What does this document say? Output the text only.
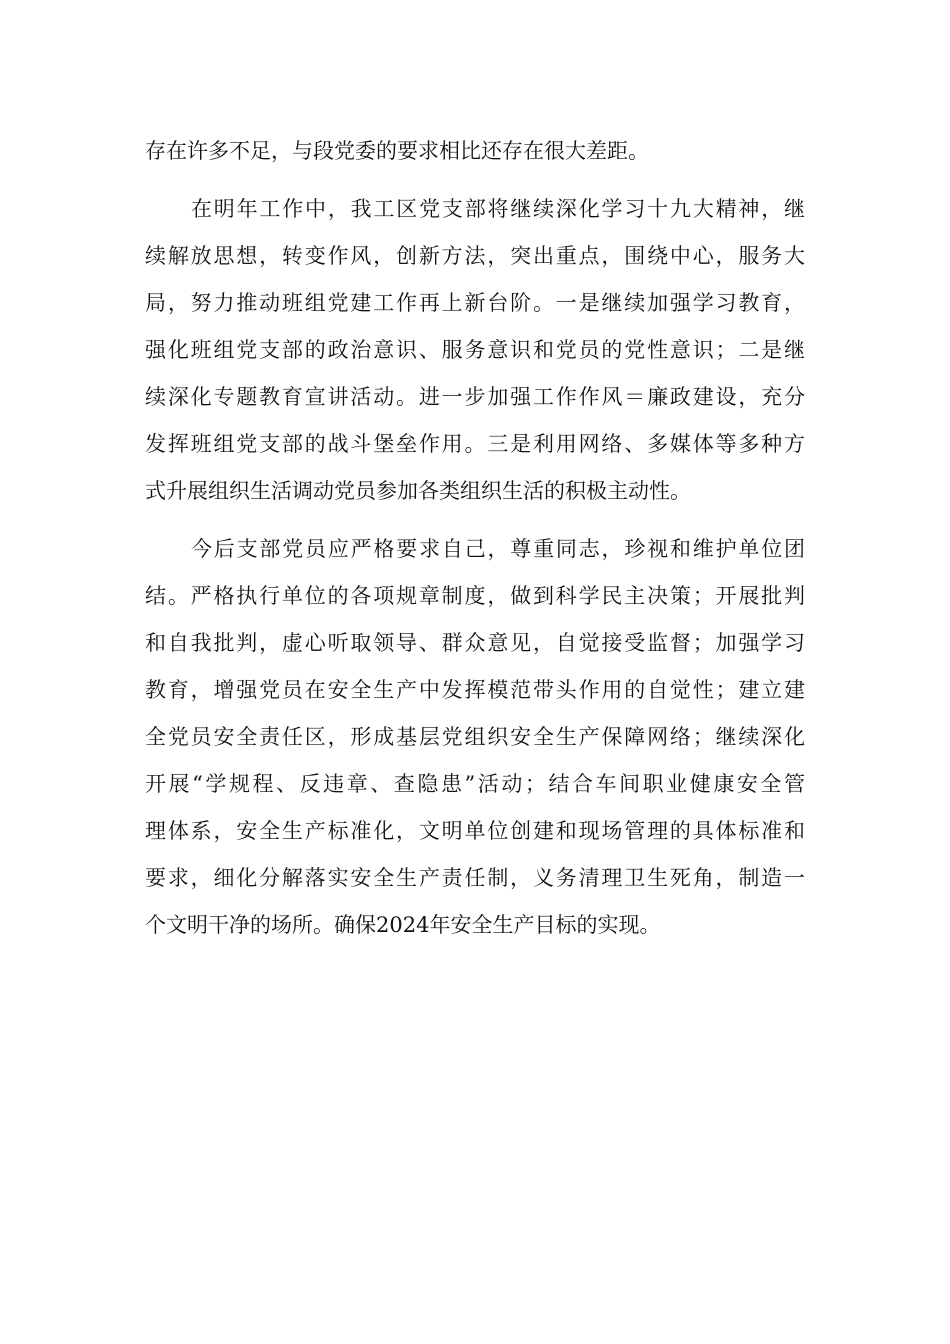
存在许多不足，与段党委的要求相比还存在很大差距。
在明年工作中，我工区党支部将继续深化学习十九大精神，继
续解放思想，转变作风，创新方法，突出重点，围绕中心，服务大
局，努力推动班组党建工作再上新台阶。一是继续加强学习教育，
强化班组党支部的政治意识、服务意识和党员的党性意识；二是继
续深化专题教育宣讲活动。进一步加强工作作风＝廉政建设，充分
发挥班组党支部的战斗堡垒作用。三是利用网络、多媒体等多种方
式升展组织生活调动党员参加各类组织生活的积极主动性。
今后支部党员应严格要求自己，尊重同志，珍视和维护单位团
结。严格执行单位的各项规章制度，做到科学民主决策；开展批判
和自我批判，虚心听取领导、群众意见，自觉接受监督；加强学习
教育，增强党员在安全生产中发挥模范带头作用的自觉性；建立建
全党员安全责任区，形成基层党组织安全生产保障网络；继续深化
开展“学规程、反违章、查隐患”活动；结合车间职业健康安全管
理体系，安全生产标准化，文明单位创建和现场管理的具体标准和
要求，细化分解落实安全生产责任制，义务清理卫生死角，制造一
个文明干净的场所。确保2024年安全生产目标的实现。
